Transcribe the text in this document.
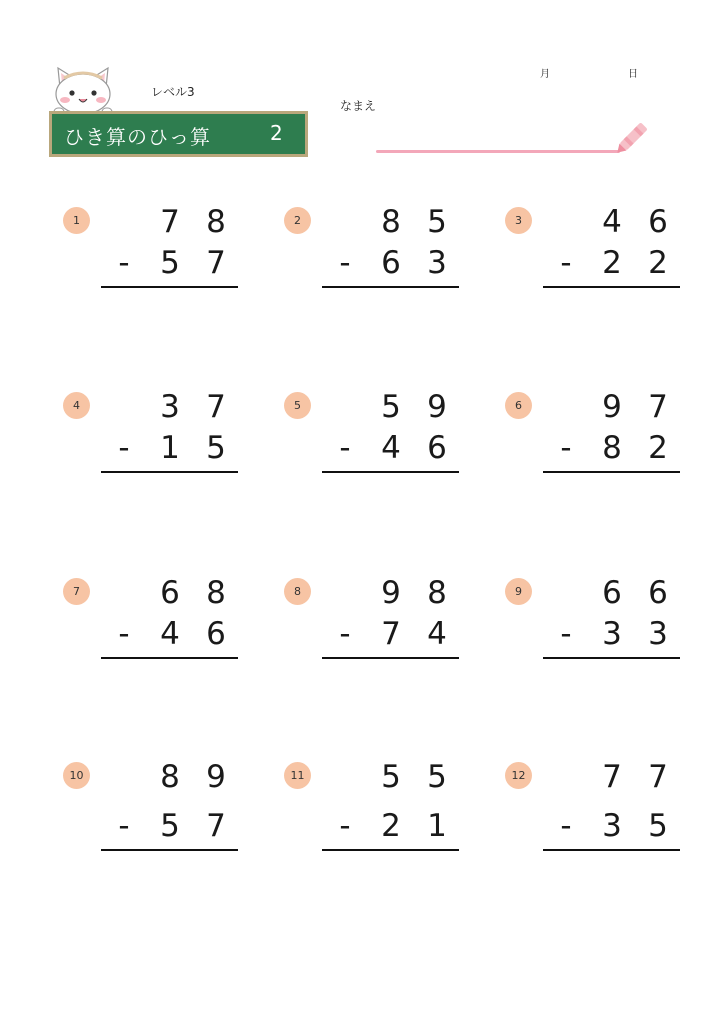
レベル3
ひき算のひっ算	2
月	日
なまえ
1	7 8
- 5 7
2	8 5
- 6 3
3	4 6
- 2 2
4	3 7
- 1 5
5	5 9
- 4 6
6	9 7
- 8 2
7	6 8
- 4 6
8	9 8
- 7 4
9	6 6
- 3 3
10 8 9
- 5 7
11 5 5
- 2 1
12 7 7
- 3 5
